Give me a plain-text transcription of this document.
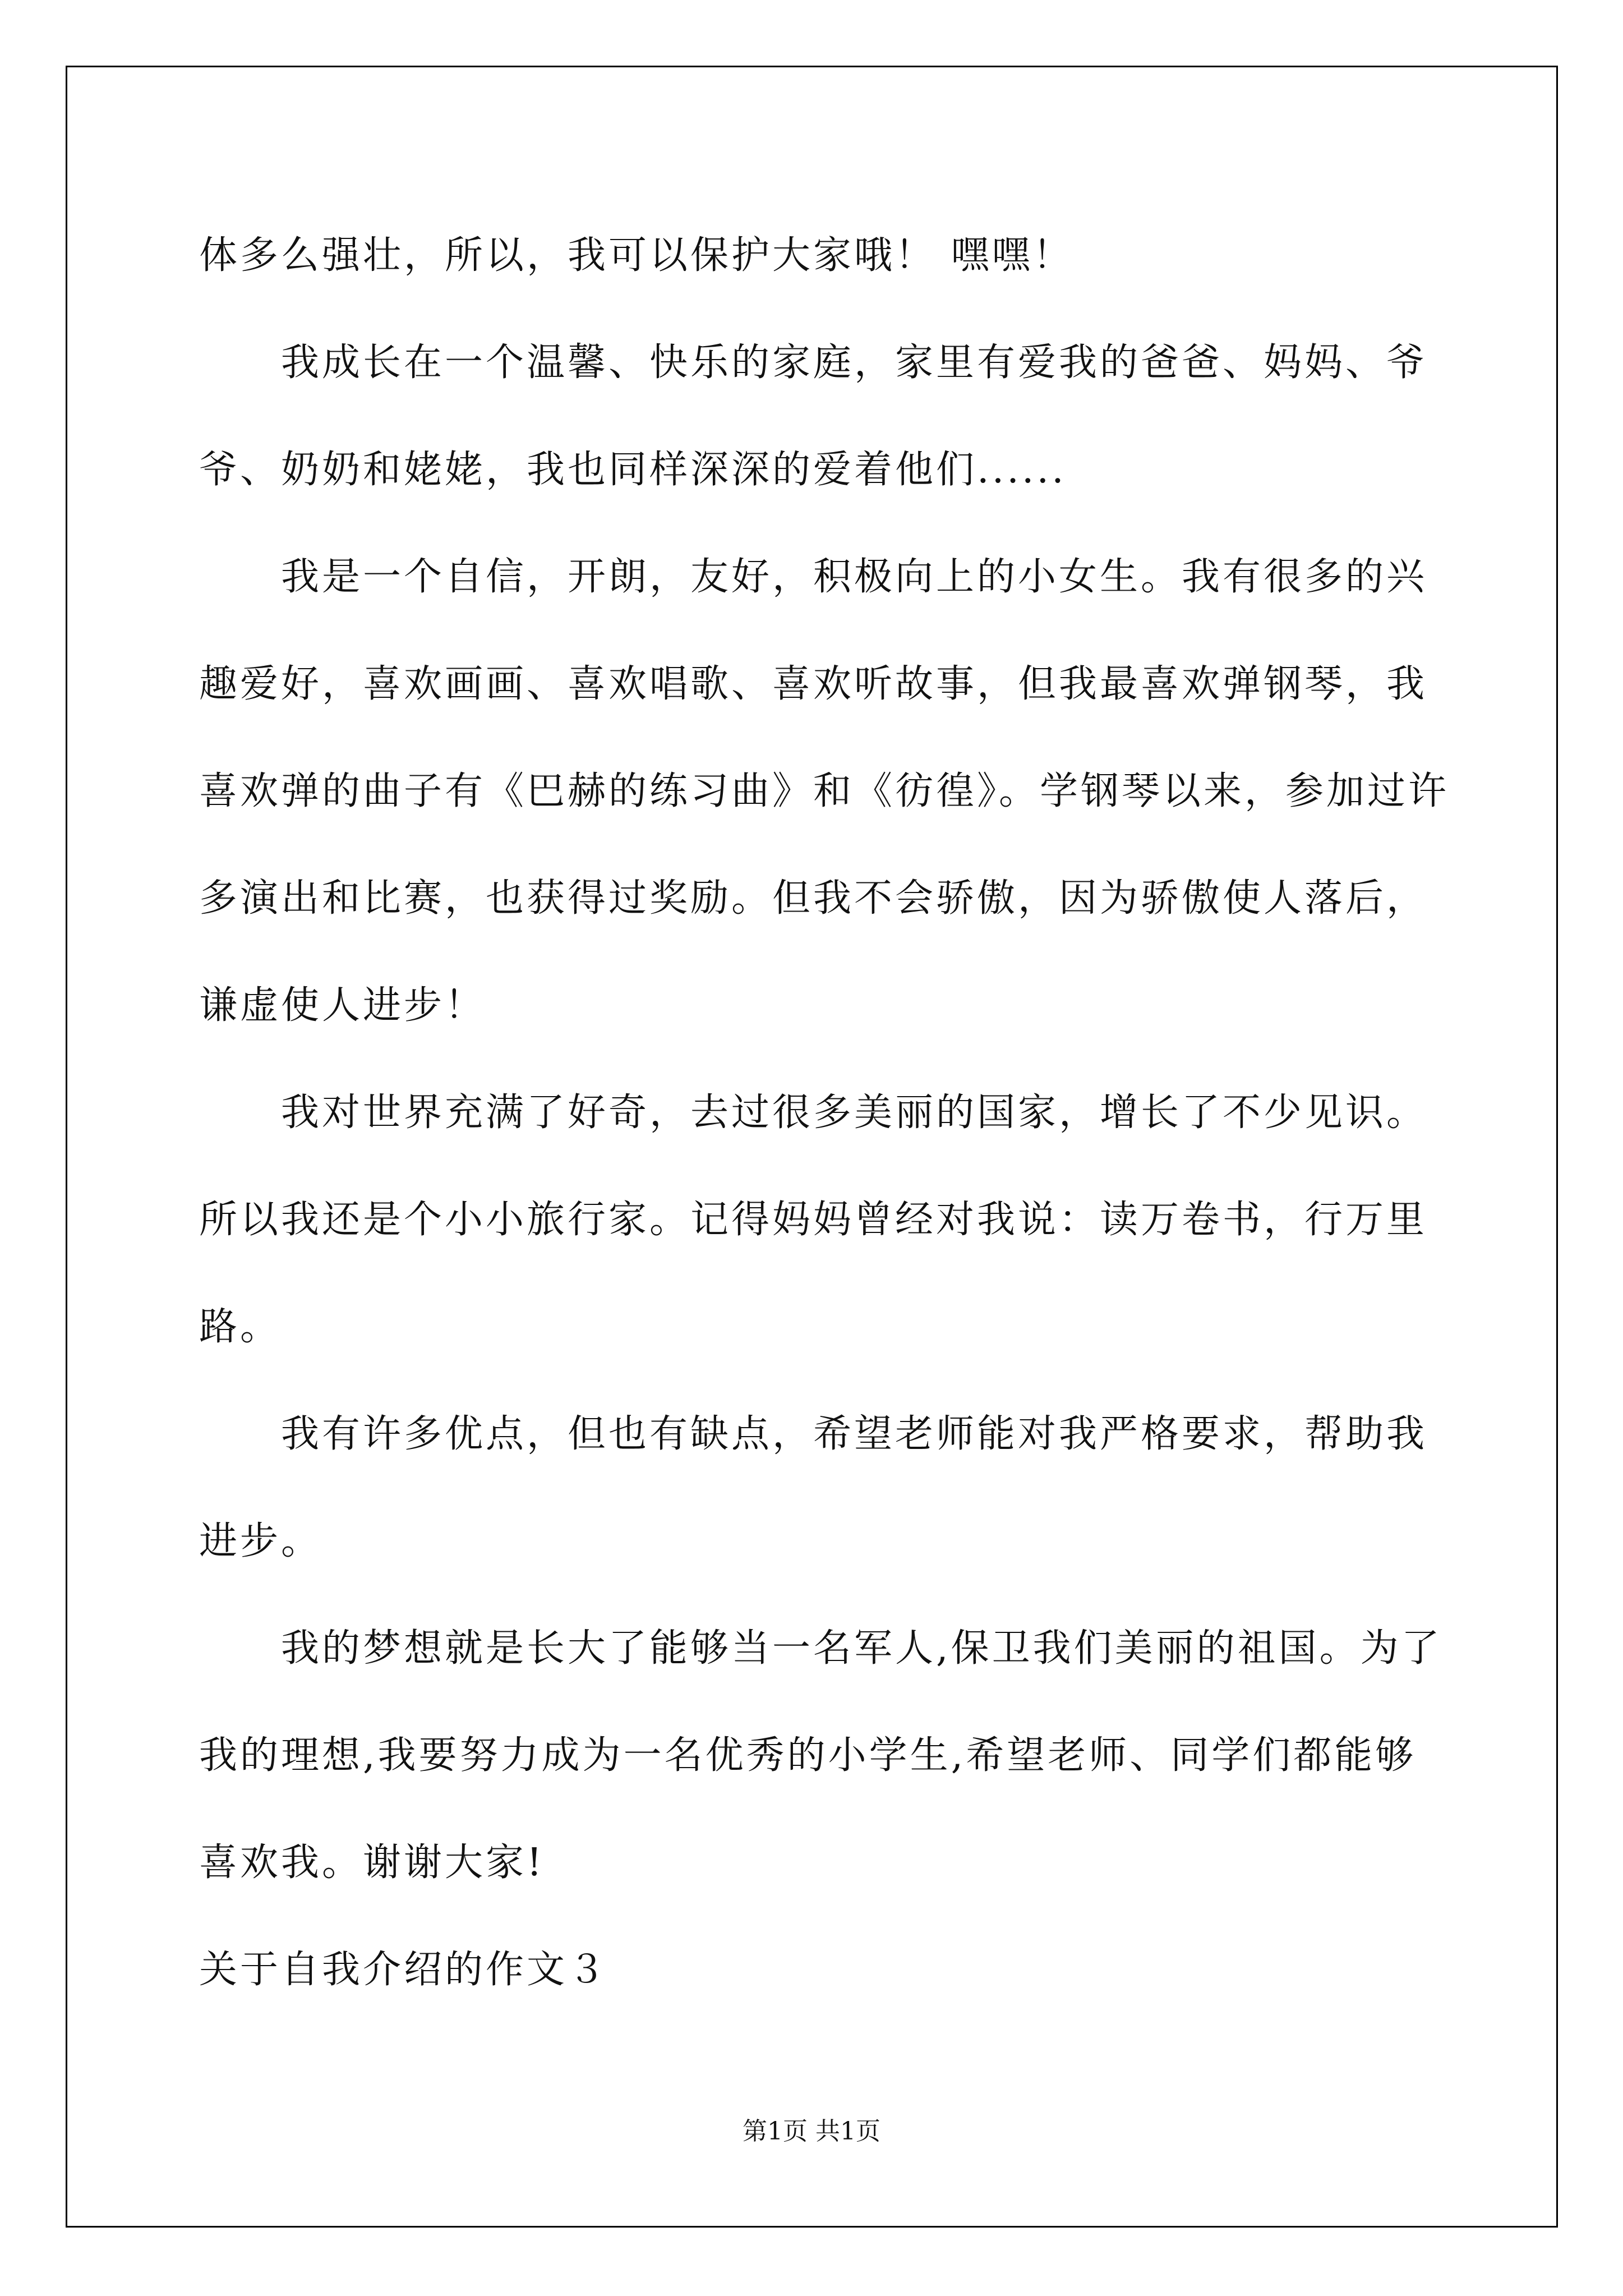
体多么强壮，所以，我可以保护大家哦！ 嘿嘿！

我成长在一个温馨、快乐的家庭，家里有爱我的爸爸、妈妈、爷

爷、奶奶和姥姥，我也同样深深的爱着他们......

我是一个自信，开朗，友好，积极向上的小女生。我有很多的兴

趣爱好，喜欢画画、喜欢唱歌、喜欢听故事，但我最喜欢弹钢琴，我

喜欢弹的曲子有《巴赫的练习曲》和《彷徨》。学钢琴以来，参加过许

多演出和比赛，也获得过奖励。但我不会骄傲，因为骄傲使人落后，

谦虚使人进步！

我对世界充满了好奇，去过很多美丽的国家，增长了不少见识。

所以我还是个小小旅行家。记得妈妈曾经对我说：读万卷书，行万里

路。

我有许多优点，但也有缺点，希望老师能对我严格要求，帮助我

进步。

我的梦想就是长大了能够当一名军人,保卫我们美丽的祖国。为了

我的理想,我要努力成为一名优秀的小学生,希望老师、同学们都能够

喜欢我。谢谢大家!

关于自我介绍的作文３

第1页 共1页
